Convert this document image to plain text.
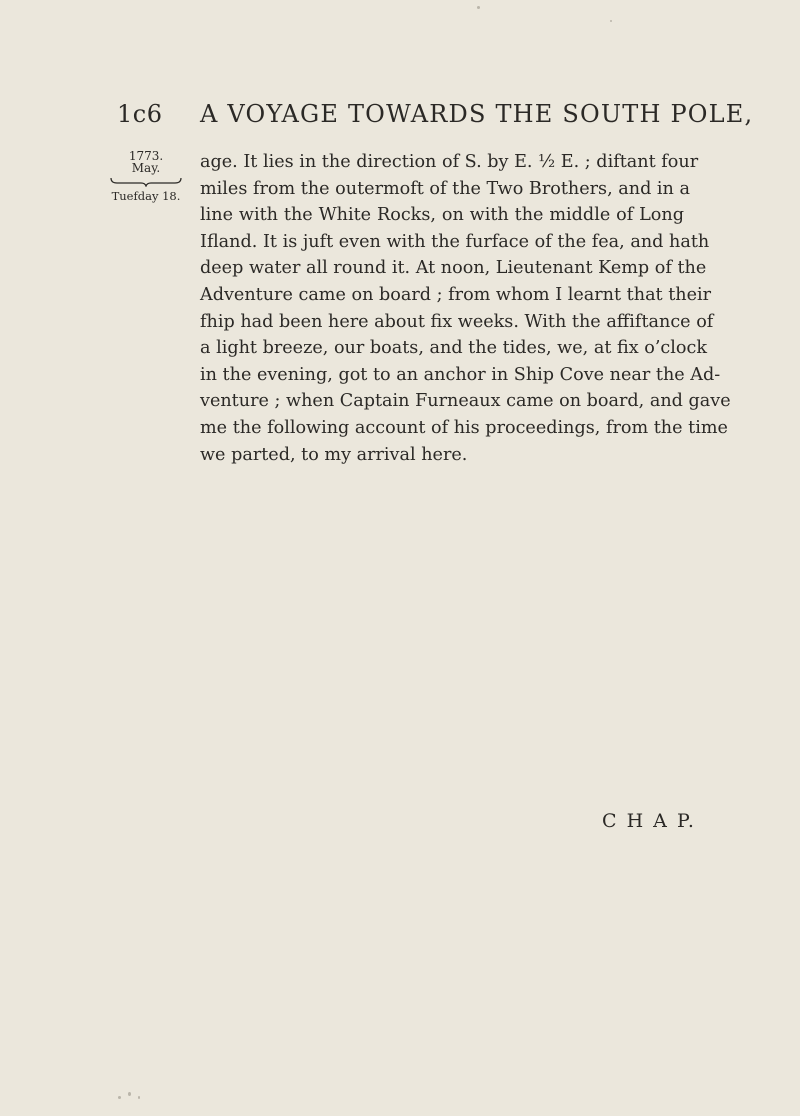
1c6 A VOYAGE TOWARDS THE SOUTH POLE,
1773.
May.
Tuefday 18.
age. It lies in the direction of S. by E. ½ E. ; diftant four
miles from the outermoft of the Two Brothers, and in a
line with the White Rocks, on with the middle of Long
Ifland. It is juft even with the furface of the fea, and hath
deep water all round it. At noon, Lieutenant Kemp of the
Adventure came on board ; from whom I learnt that their
fhip had been here about fix weeks. With the affiftance of
a light breeze, our boats, and the tides, we, at fix o’clock
in the evening, got to an anchor in Ship Cove near the Ad-
venture ; when Captain Furneaux came on board, and gave
me the following account of his proceedings, from the time
we parted, to my arrival here.
C H A P.
